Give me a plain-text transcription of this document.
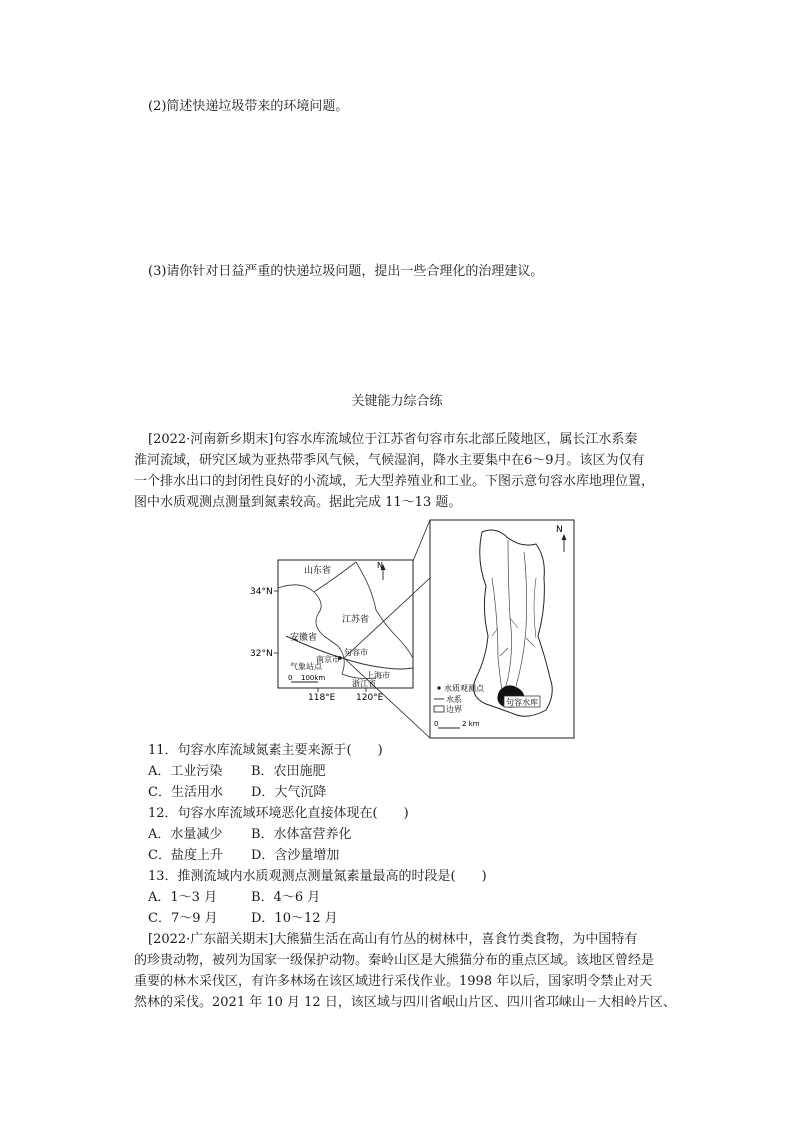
(2)简述快递垃圾带来的环境问题。
(3)请你针对日益严重的快递垃圾问题，提出一些合理化的治理建议。
关键能力综合练
[2022·河南新乡期末]句容水库流域位于江苏省句容市东北部丘陵地区，属长江水系秦
淮河流域，研究区域为亚热带季风气候，气候湿润，降水主要集中在6～9月。该区为仅有
一个排水出口的封闭性良好的小流域，无大型养殖业和工业。下图示意句容水库地理位置，
图中水质观测点测量到氮素较高。据此完成 11～13 题。
山东省
江苏省
安徽省
句容市
南京市
气象站点
浙江省
上海市
N
0 100km
34°N
32°N
118°E 120°E	句容水库
N
水质观测点
水系
边界
0	2 km
11．句容水库流域氮素主要来源于(　　)
A．工业污染 B．农田施肥
C．生活用水 D．大气沉降
12．句容水库流域环境恶化直接体现在(　　)
A．水量减少 B．水体富营养化
C．盐度上升 D．含沙量增加
13．推测流域内水质观测点测量氮素量最高的时段是(　　)
A．1～3 月	B．4～6 月
C．7～9 月	D．10～12 月
[2022·广东韶关期末]大熊猫生活在高山有竹丛的树林中，喜食竹类食物，为中国特有
的珍贵动物，被列为国家一级保护动物。秦岭山区是大熊猫分布的重点区域。该地区曾经是
重要的林木采伐区，有许多林场在该区域进行采伐作业。1998 年以后，国家明令禁止对天
然林的采伐。2021 年 10 月 12 日，该区域与四川省岷山片区、四川省邛崃山－大相岭片区、
